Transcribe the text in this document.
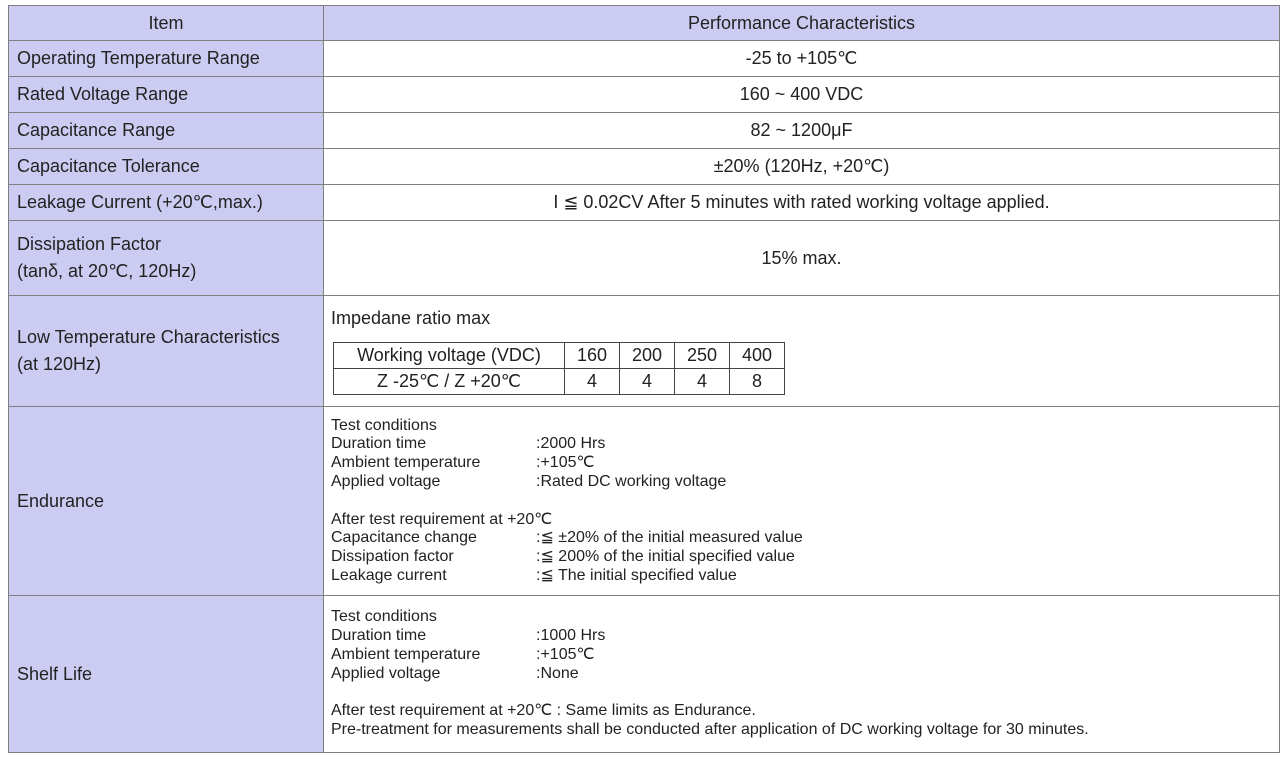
Item	Performance Characteristics
Operating Temperature Range	-25 to +105℃
Rated Voltage Range	160 ~ 400 VDC
Capacitance Range	82 ~ 1200μF
Capacitance Tolerance	±20% (120Hz, +20℃)
Leakage Current (+20℃,max.)	I ≦ 0.02CV After 5 minutes with rated working voltage applied.

Dissipation Factor
(tanδ, at 20℃, 120Hz)
	15% max.

Low Temperature Characteristics
(at 120Hz)

Impedane ratio max
Working voltage (VDC)	160	200	250	400
Z -25℃ / Z +20℃	4	4	4	8

Endurance	
Test conditions
Duration time	:2000 Hrs
Ambient temperature	:+105℃
Applied voltage	:Rated DC working voltage
After test requirement at +20℃
Capacitance change	:≦ ±20% of the initial measured value
Dissipation factor	:≦ 200% of the initial specified value
Leakage current	:≦ The initial specified value

Shelf Life	
Test conditions
Duration time	:1000 Hrs
Ambient temperature	:+105℃
Applied voltage	:None
After test requirement at +20℃ : Same limits as Endurance.
Pre-treatment for measurements shall be conducted after application of DC working voltage for 30 minutes.
